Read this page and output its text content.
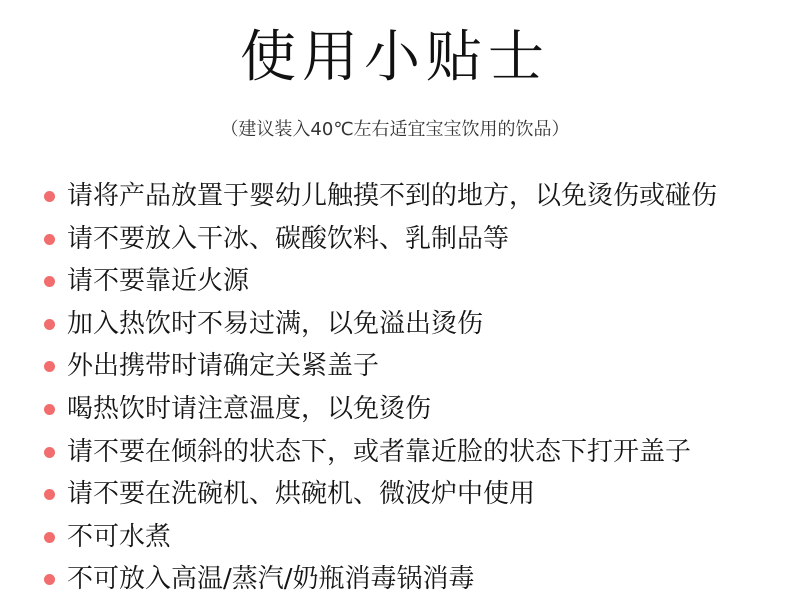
使用小贴士
（建议装入40℃左右适宜宝宝饮用的饮品）
请将产品放置于婴幼儿触摸不到的地方，以免烫伤或碰伤
请不要放入干冰、碳酸饮料、乳制品等
请不要靠近火源
加入热饮时不易过满，以免溢出烫伤
外出携带时请确定关紧盖子
喝热饮时请注意温度，以免烫伤
请不要在倾斜的状态下，或者靠近脸的状态下打开盖子
请不要在洗碗机、烘碗机、微波炉中使用
不可水煮
不可放入高温/蒸汽/奶瓶消毒锅消毒
